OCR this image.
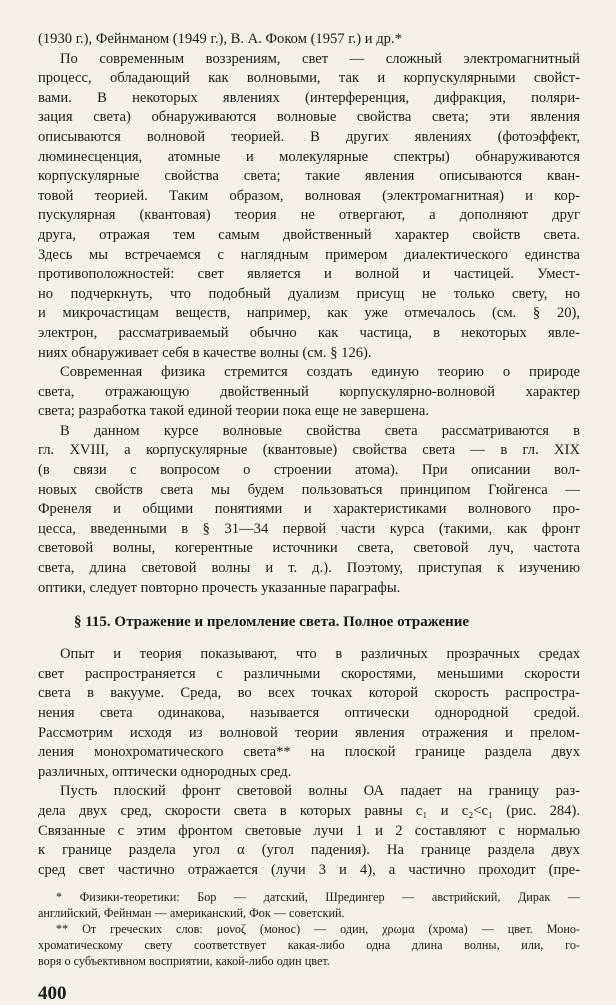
(1930 г.), Фейнманом (1949 г.), В. А. Фоком (1957 г.) и др.*

По современным воззрениям, свет — сложный электромагнитный
процесс, обладающий как волновыми, так и корпускулярными свойст-
вами. В некоторых явлениях (интерференция, дифракция, поляри-
зация света) обнаруживаются волновые свойства света; эти явления
описываются волновой теорией. В других явлениях (фотоэффект,
люминесценция, атомные и молекулярные спектры) обнаруживаются
корпускулярные свойства света; такие явления описываются кван-
товой теорией. Таким образом, волновая (электромагнитная) и кор-
пускулярная (квантовая) теория не отвергают, а дополняют друг
друга, отражая тем самым двойственный характер свойств света.
Здесь мы встречаемся с наглядным примером диалектического единства
противоположностей: свет является и волной и частицей. Умест-
но подчеркнуть, что подобный дуализм присущ не только свету, но
и микрочастицам веществ, например, как уже отмечалось (см. § 20),
электрон, рассматриваемый обычно как частица, в некоторых явле-
ниях обнаруживает себя в качестве волны (см. § 126).

Современная физика стремится создать единую теорию о природе
света, отражающую двойственный корпускулярно-волновой характер
света; разработка такой единой теории пока еще не завершена.

В данном курсе волновые свойства света рассматриваются в
гл. XVIII, а корпускулярные (квантовые) свойства света — в гл. XIX
(в связи с вопросом о строении атома). При описании вол-
новых свойств света мы будем пользоваться принципом Гюйгенса —
Френеля и общими понятиями и характеристиками волнового про-
цесса, введенными в § 31—34 первой части курса (такими, как фронт
световой волны, когерентные источники света, световой луч, частота
света, длина световой волны и т. д.). Поэтому, приступая к изучению
оптики, следует повторно прочесть указанные параграфы.

§ 115. Отражение и преломление света. Полное отражение

Опыт и теория показывают, что в различных прозрачных средах
свет распространяется с различными скоростями, меньшими скорости
света в вакууме. Среда, во всех точках которой скорость распростра-
нения света одинакова, называется оптически однородной средой.
Рассмотрим исходя из волновой теории явления отражения и прелом-
ления монохроматического света** на плоской границе раздела двух
различных, оптически однородных сред.

Пусть плоский фронт световой волны ОА падает на границу раз-
дела двух сред, скорости света в которых равны c₁ и c₂<c₁ (рис. 284).
Связанные с этим фронтом световые лучи 1 и 2 составляют с нормалью
к границе раздела угол α (угол падения). На границе раздела двух
сред свет частично отражается (лучи 3 и 4), а частично проходит (пре-

* Физики-теоретики: Бор — датский, Шредингер — австрийский, Дирак —
английский, Фейнман — американский, Фок — советский.

** От греческих слов: μονοζ (монос) — один, χρωμα (хрома) — цвет. Моно-
хроматическому свету соответствует какая-либо одна длина волны, или, го-
воря о субъективном восприятии, какой-либо один цвет.

400
